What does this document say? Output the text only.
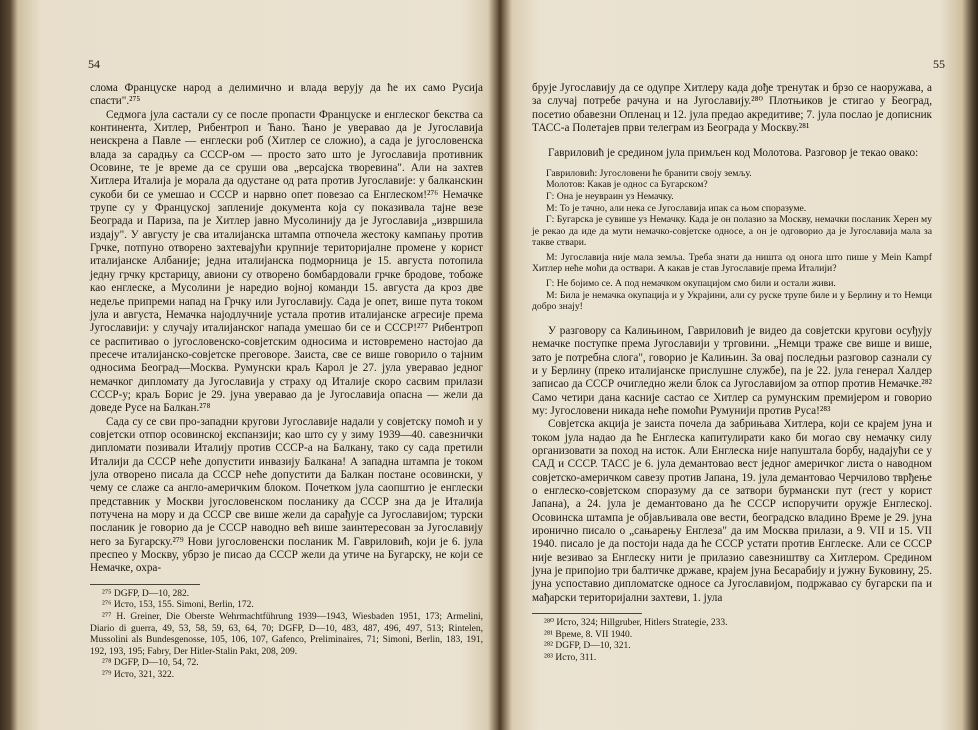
54

слома Француске народ а делимично и влада верују да ће их само Русија спасти".²⁷⁵

Седмога јула састали су се после пропасти Француске и енглеског бекства са континента, Хитлер, Рибентроп и Ћано. Ћано је уверавао да је Југославија неискрена а Павле — енглески роб (Хитлер се сложио), а сада је југословенска влада за сарадњу са СССР-ом — просто зато што је Југославија противник Осовине, те је време да се сруши ова „версајска творевина". Али на захтев Хитлера Италија је морала да одустане од рата против Југославије: у балканскин сукоби би се умешао и СССР и нарвно опет повезао са Енглеском!²⁷⁶ Немачке трупе су у Француској запленије документа која су показивала тајне везе Београда и Париза, па је Хитлер јавно Мусолинију да је Југославија „извршила издају". У августу је сва италијанска штампа отпочела жестоку кампању против Грчке, потпуно отворено захтевајући крупније територијалне промене у корист италијанске Албаније; једна италијанска подморница је 15. августа потопила једну грчку крстарицу, авиони су отворено бомбардовали грчке бродове, тобоже као енглеске, а Мусолини је наредио војној команди 15. августа да кроз две недеље припреми напад на Грчку или Југославију. Сада је опет, више пута током јула и августа, Немачка најодлучније устала против италијанске агресије према Југославији: у случају италијанског напада умешао би се и СССР!²⁷⁷ Рибентроп се распитивао о југословенско-совјетским односима и истовремено настојао да пресече италијанско-совјетске преговоре. Заиста, све се више говорило о тајним односима Београд—Москва. Румунски краљ Карол је 27. јула уверавао једног немачког дипломату да Југославија у страху од Италије скоро сасвим прилази СССР-у; краљ Борис је 29. јуна уверавао да је Југославија опасна — жели да доведе Русе на Балкан.²⁷⁸

Сада су се сви про-западни кругови Југославије надали у совјетску помоћ и у совјетски отпор осовинској експанзији; као што су у зиму 1939—40. савезнички дипломати позивали Италију против СССР-а на Балкану, тако су сада претили Италији да СССР неће допустити инвазију Балкана! А западна штампа је током јула отворено писала да СССР неће допустити да Балкан постане осовински, у чему се слаже са англо-америчким блоком. Почетком јула саопштио је енглески представник у Москви југословенском посланику да СССР зна да је Италија потучена на мору и да СССР све више жели да сарађује са Југославијом; турски посланик је говорио да је СССР наводно већ више заинтересован за Југославију него за Бугарску.²⁷⁹ Нови југословенски посланик М. Гавриловић, који је 6. јула преспео у Москву, убрзо је писао да СССР жели да утиче на Бугарску, не који се Немачке, охра-

²⁷⁵ DGFP, D—10, 282.

²⁷⁶ Исто, 153, 155. Simoni, Berlin, 172.

²⁷⁷ H. Greiner, Die Oberste Wehrmachtführung 1939—1943, Wiesbaden 1951, 173; Armelini, Diario di guerra, 49, 53, 58, 59, 63, 64, 70; DGFP, D—10, 483, 487, 496, 497, 513; Rintelen, Mussolini als Bundesgenosse, 105, 106, 107, Gafenco, Preliminaires, 71; Simoni, Berlin, 183, 191, 192, 193, 195; Fabry, Der Hitler-Stalin Pakt, 208, 209.

²⁷⁸ DGFP, D—10, 54, 72.

²⁷⁹ Исто, 321, 322.

55

брује Југославију да се одупре Хитлеру када дође тренутак и брзо се наоружава, а за случај потребе рачуна и на Југославију.²⁸⁰ Плотњиков је стигао у Београд, посетио обавезни Опленац и 12. јула предао акредитиве; 7. јула послао је дописник ТАСС-а Полетајев први телеграм из Београда у Москву.²⁸¹

Гавриловић је средином јула примљен код Молотова. Разговор је текао овако:

Гавриловић: Југословени ће бранити своју земљу.

Молотов: Какав је однос са Бугарском?

Г: Она је неувраин уз Немачку.

М: То је тачно, али нека се Југославија ипак са њом споразуме.

Г: Бугарска је сувише уз Немачку. Када је он полазио за Москву, немачки посланик Херен му је рекао да иде да мути немачко-совјетске односе, а он је одговорио да је Југославија мала за такве ствари.

М: Југославија није мала земља. Треба знати да ништа од онога што пише у Mein Kampf Хитлер неће моћи да оствари. А какав је став Југославије према Италији?

Г: Не бојимо се. А под немачком окупацијом смо били и остали живи.

М: Била је немачка окупација и у Украјини, али су руске трупе биле и у Берлину и то Немци добро знају!

У разговору са Калињином, Гавриловић је видео да совјетски кругови осуђују немачке поступке према Југославији у трговини. „Немци траже све више и више, зато је потребна слога", говорио је Калињин. За овај последњи разговор сазнали су и у Берлину (преко италијанске прислушне службе), па је 22. јула генерал Халдер записао да СССР очигледно жели блок са Југославијом за отпор против Немачке.²⁸² Само четири дана касније састао се Хитлер са румунским премијером и говорио му: Југословени никада неће помоћи Румунији против Руса!²⁸³

Совјетска акција је заиста почела да забрињава Хитлера, који се крајем јуна и током јула надао да ће Енглеска капитулирати како би могао сву немачку силу организовати за поход на исток. Али Енглеска није напуштала борбу, надајући се у САД и СССР. ТАСС је 6. јула демантовао вест једног америчког листа о наводном совјетско-америчком савезу против Јапана, 19. јула демантовао Черчилово тврђење о енглеско-совјетском споразуму да се затвори бурмански пут (гест у корист Јапана), а 24. јула је демантовано да ће СССР испоручити оружје Енглеској. Осовинска штампа је објављивала ове вести, београдско владино Време је 29. јуна иронично писало о „сањарењу Енглеза" да им Москва прилази, а 9. VII и 15. VII 1940. писало је да постоји нада да ће СССР устати против Енглеске. Али се СССР није везивао за Енглеску нити је прилазио савезништву са Хитлером. Средином јуна је припојио три балтичке државе, крајем јуна Бесарабију и јужну Буковину, 25. јуна успоставио дипломатске односе са Југославијом, подржавао су бугарски па и мађарски територијални захтеви, 1. јула

²⁸⁰ Исто, 324; Hillgruber, Hitlers Strategie, 233.

²⁸¹ Време, 8. VII 1940.

²⁸² DGFP, D—10, 321.

²⁸³ Исто, 311.
